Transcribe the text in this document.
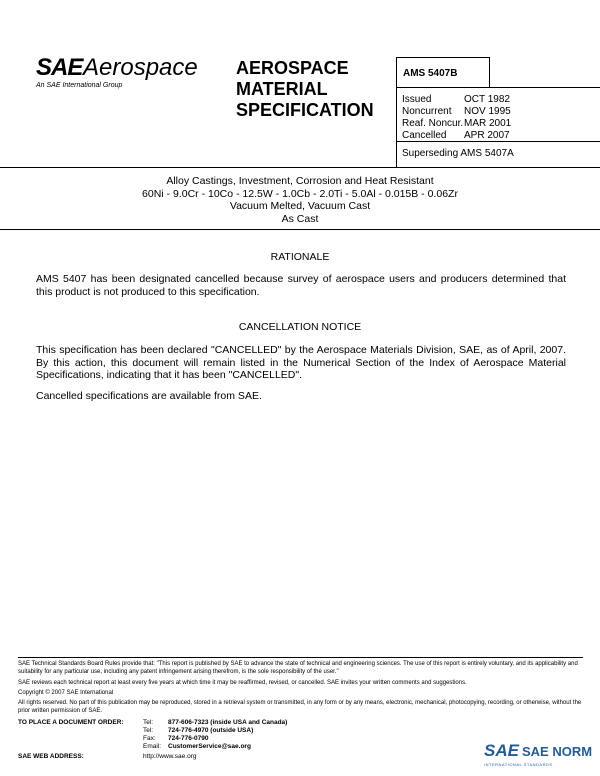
SAE Aerospace
An SAE International Group
AEROSPACE
MATERIAL
SPECIFICATION
AMS 5407B
Issued	OCT 1982
Noncurrent NOV 1995
Reaf. Noncur.MAR 2001
Cancelled APR 2007
Superseding AMS 5407A
Alloy Castings, Investment, Corrosion and Heat Resistant
60Ni - 9.0Cr - 10Co - 12.5W - 1.0Cb - 2.0Ti - 5.0Al - 0.015B - 0.06Zr
Vacuum Melted, Vacuum Cast
As Cast
RATIONALE
AMS 5407 has been designated cancelled because survey of aerospace users and producers determined that this product is not produced to this specification.
CANCELLATION NOTICE
This specification has been declared "CANCELLED" by the Aerospace Materials Division, SAE, as of April, 2007. By this action, this document will remain listed in the Numerical Section of the Index of Aerospace Material Specifications, indicating that it has been "CANCELLED".
Cancelled specifications are available from SAE.
SAE Technical Standards Board Rules provide that: "This report is published by SAE to advance the state of technical and engineering sciences. The use of this report is entirely voluntary, and its applicability and suitability for any particular use, including any patent infringement arising therefrom, is the sole responsibility of the user."
SAE reviews each technical report at least every five years at which time it may be reaffirmed, revised, or cancelled. SAE invites your written comments and suggestions.
Copyright © 2007 SAE International
All rights reserved. No part of this publication may be reproduced, stored in a retrieval system or transmitted, in any form or by any means, electronic, mechanical, photocopying, recording, or otherwise, without the prior written permission of SAE.
TO PLACE A DOCUMENT ORDER:	Tel: 877-606-7323 (inside USA and Canada)
Tel: 724-776-4970 (outside USA)
Fax: 724-776-0790
Email: CustomerService@sae.org
SAE WEB ADDRESS:	http://www.sae.org	SAE SAE NORM
INTERNATIONAL STANDARDS
